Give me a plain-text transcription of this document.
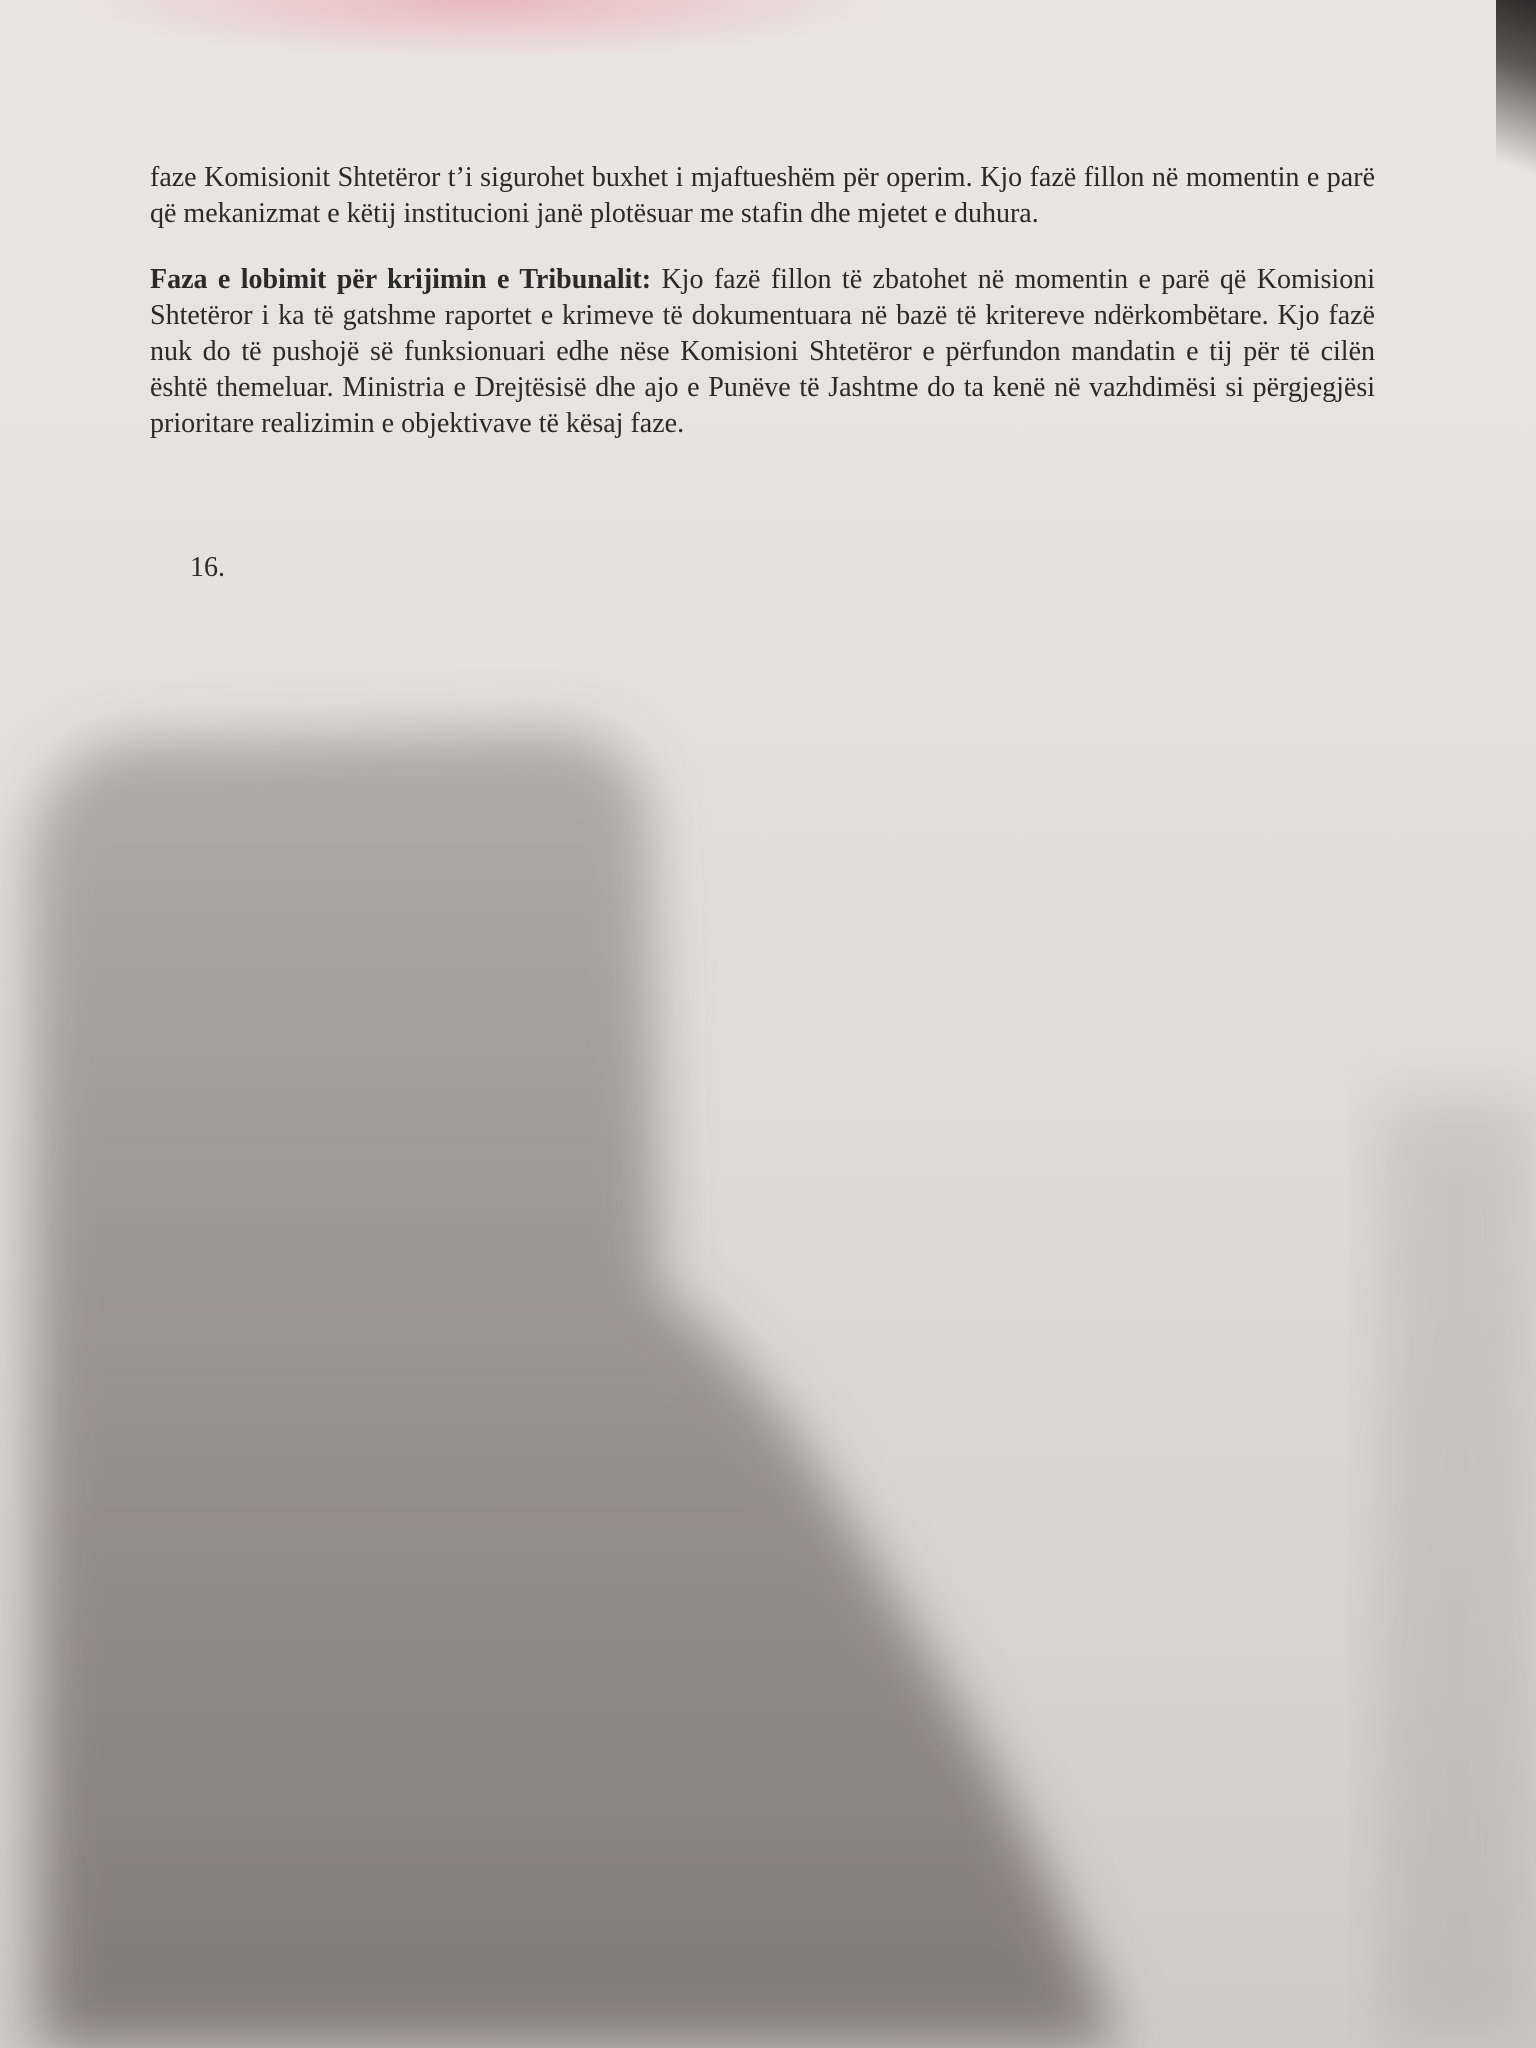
faze Komisionit Shtetëror t’i sigurohet buxhet i mjaftueshëm për operim. Kjo fazë fillon në momentin e parë që mekanizmat e këtij institucioni janë plotësuar me stafin dhe mjetet e duhura.

Faza e lobimit për krijimin e Tribunalit: Kjo fazë fillon të zbatohet në momentin e parë që Komisioni Shtetëror i ka të gatshme raportet e krimeve të dokumentuara në bazë të kritereve ndërkombëtare. Kjo fazë nuk do të pushojë së funksionuari edhe nëse Komisioni Shtetëror e përfundon mandatin e tij për të cilën është themeluar. Ministria e Drejtësisë dhe ajo e Punëve të Jashtme do ta kenë në vazhdimësi si përgjegjësi prioritare realizimin e objektivave të kësaj faze.

16.
